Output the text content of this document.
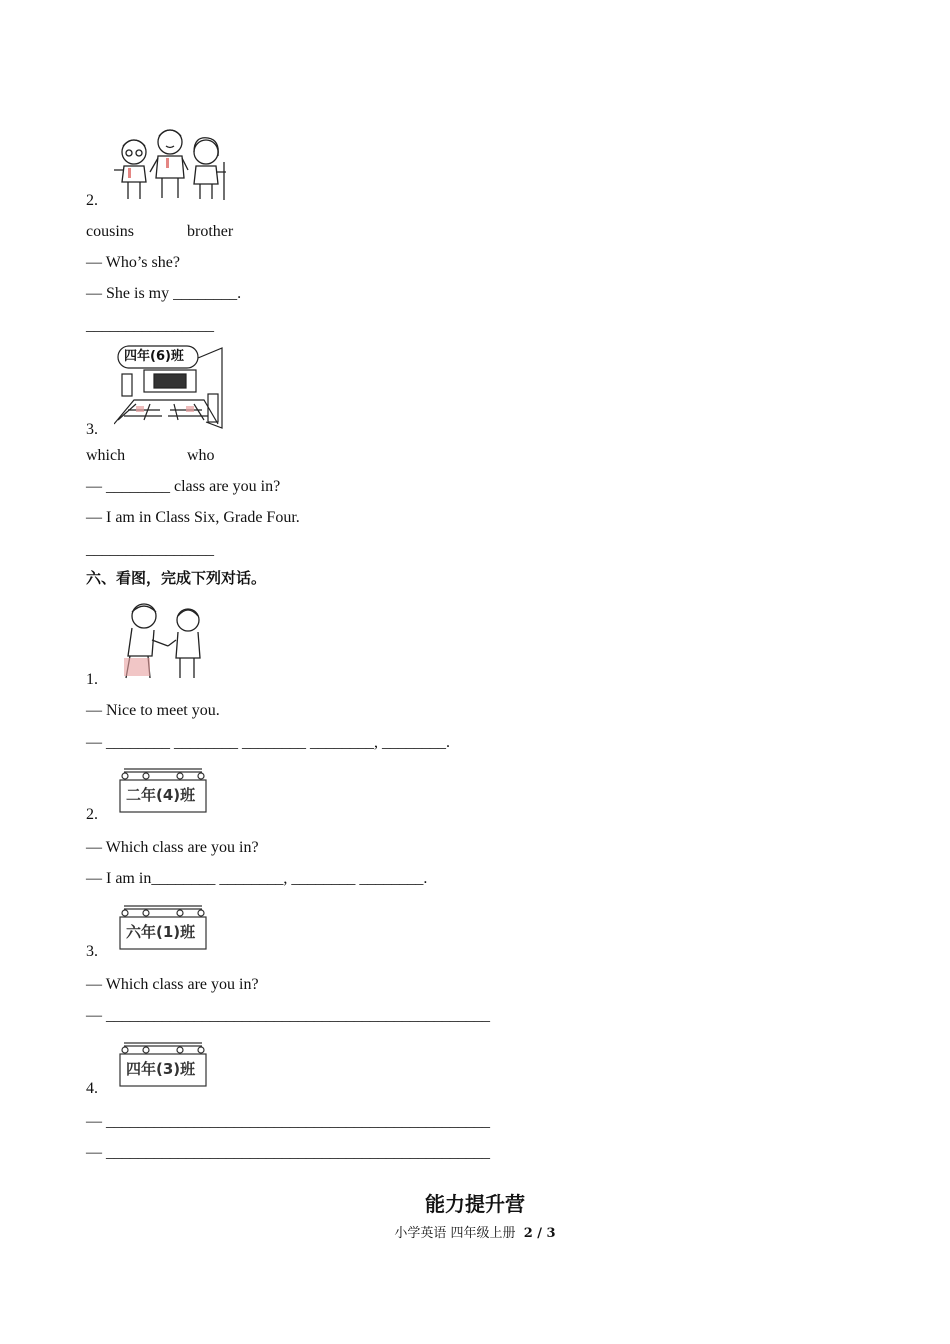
2.
cousins	brother
— Who’s she?
— She is my ________.
________________
四年(6)班
3.
which	who
— ________ class are you in?
— I am in Class Six, Grade Four.
________________
六、看图，完成下列对话。
1.
— Nice to meet you.
— ________ ________ ________ ________, ________.
二年(4)班
2.
— Which class are you in?
— I am in________ ________, ________ ________.
六年(1)班
3.
— Which class are you in?
— ________________________________________________
四年(3)班
4.
— ________________________________________________
— ________________________________________________
能力提升营
小学英语 四年级上册 2 / 3
